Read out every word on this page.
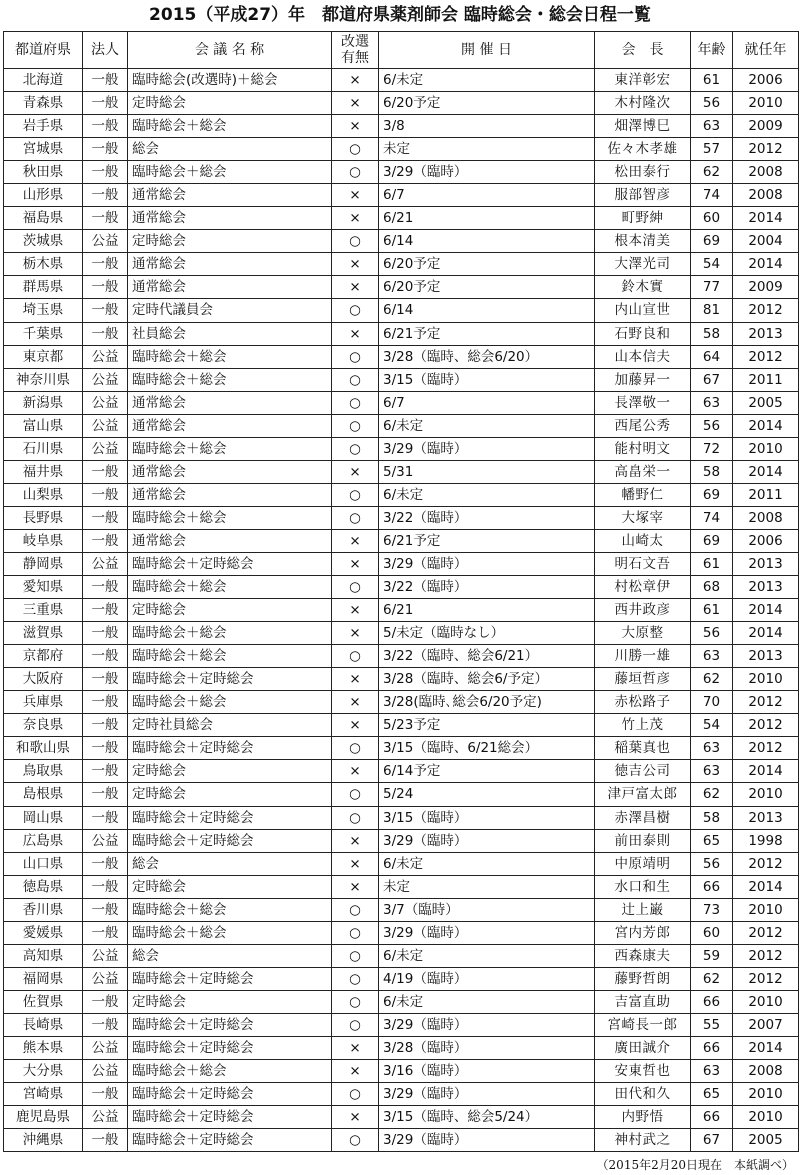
2015（平成27）年　都道府県薬剤師会 臨時総会・総会日程一覧
都道府県	法人	会 議 名 称	改選
有無	開 催 日	会　長	年齢	就任年
北海道	一般	臨時総会(改選時)＋総会	×	6/未定	東洋彰宏	61	2006
青森県	一般	定時総会	×	6/20予定	木村隆次	56	2010
岩手県	一般	臨時総会＋総会	×	3/8	畑澤博巳	63	2009
宮城県	一般	総会	○	未定	佐々木孝雄	57	2012
秋田県	一般	臨時総会＋総会	○	3/29（臨時）	松田泰行	62	2008
山形県	一般	通常総会	×	6/7	服部智彦	74	2008
福島県	一般	通常総会	×	6/21	町野紳	60	2014
茨城県	公益	定時総会	○	6/14	根本清美	69	2004
栃木県	一般	通常総会	×	6/20予定	大澤光司	54	2014
群馬県	一般	通常総会	×	6/20予定	鈴木實	77	2009
埼玉県	一般	定時代議員会	○	6/14	内山宣世	81	2012
千葉県	一般	社員総会	×	6/21予定	石野良和	58	2013
東京都	公益	臨時総会＋総会	○	3/28（臨時、総会6/20）	山本信夫	64	2012
神奈川県	公益	臨時総会＋総会	○	3/15（臨時）	加藤昇一	67	2011
新潟県	公益	通常総会	○	6/7	長澤敬一	63	2005
富山県	公益	通常総会	○	6/未定	西尾公秀	56	2014
石川県	公益	臨時総会＋総会	○	3/29（臨時）	能村明文	72	2010
福井県	一般	通常総会	×	5/31	高畠栄一	58	2014
山梨県	一般	通常総会	○	6/未定	幡野仁	69	2011
長野県	一般	臨時総会＋総会	○	3/22（臨時）	大塚宰	74	2008
岐阜県	一般	通常総会	×	6/21予定	山崎太	69	2006
静岡県	公益	臨時総会＋定時総会	×	3/29（臨時）	明石文吾	61	2013
愛知県	一般	臨時総会＋総会	○	3/22（臨時）	村松章伊	68	2013
三重県	一般	定時総会	×	6/21	西井政彦	61	2014
滋賀県	一般	臨時総会＋総会	×	5/未定（臨時なし）	大原整	56	2014
京都府	一般	臨時総会＋総会	○	3/22（臨時、総会6/21）	川勝一雄	63	2013
大阪府	一般	臨時総会＋定時総会	×	3/28（臨時、総会6/予定）	藤垣哲彦	62	2010
兵庫県	一般	臨時総会＋総会	×	3/28(臨時､総会6/20予定)	赤松路子	70	2012
奈良県	一般	定時社員総会	×	5/23予定	竹上茂	54	2012
和歌山県	一般	臨時総会＋定時総会	○	3/15（臨時、6/21総会）	稲葉真也	63	2012
鳥取県	一般	定時総会	×	6/14予定	徳吉公司	63	2014
島根県	一般	定時総会	○	5/24	津戸富太郎	62	2010
岡山県	一般	臨時総会＋定時総会	○	3/15（臨時）	赤澤昌樹	58	2013
広島県	公益	臨時総会＋定時総会	×	3/29（臨時）	前田泰則	65	1998
山口県	一般	総会	×	6/未定	中原靖明	56	2012
徳島県	一般	定時総会	×	未定	水口和生	66	2014
香川県	一般	臨時総会＋総会	○	3/7（臨時）	辻上巌	73	2010
愛媛県	一般	臨時総会＋総会	○	3/29（臨時）	宮内芳郎	60	2012
高知県	公益	総会	○	6/未定	西森康夫	59	2012
福岡県	公益	臨時総会＋定時総会	○	4/19（臨時）	藤野哲朗	62	2012
佐賀県	一般	定時総会	○	6/未定	吉富直助	66	2010
長崎県	一般	臨時総会＋定時総会	○	3/29（臨時）	宮崎長一郎	55	2007
熊本県	公益	臨時総会＋定時総会	×	3/28（臨時）	廣田誠介	66	2014
大分県	公益	臨時総会＋総会	×	3/16（臨時）	安東哲也	63	2008
宮崎県	一般	臨時総会＋定時総会	○	3/29（臨時）	田代和久	65	2010
鹿児島県	公益	臨時総会＋定時総会	×	3/15（臨時、総会5/24）	内野悟	66	2010
沖縄県	一般	臨時総会＋定時総会	○	3/29（臨時）	神村武之	67	2005
（2015年2月20日現在　本紙調べ）
